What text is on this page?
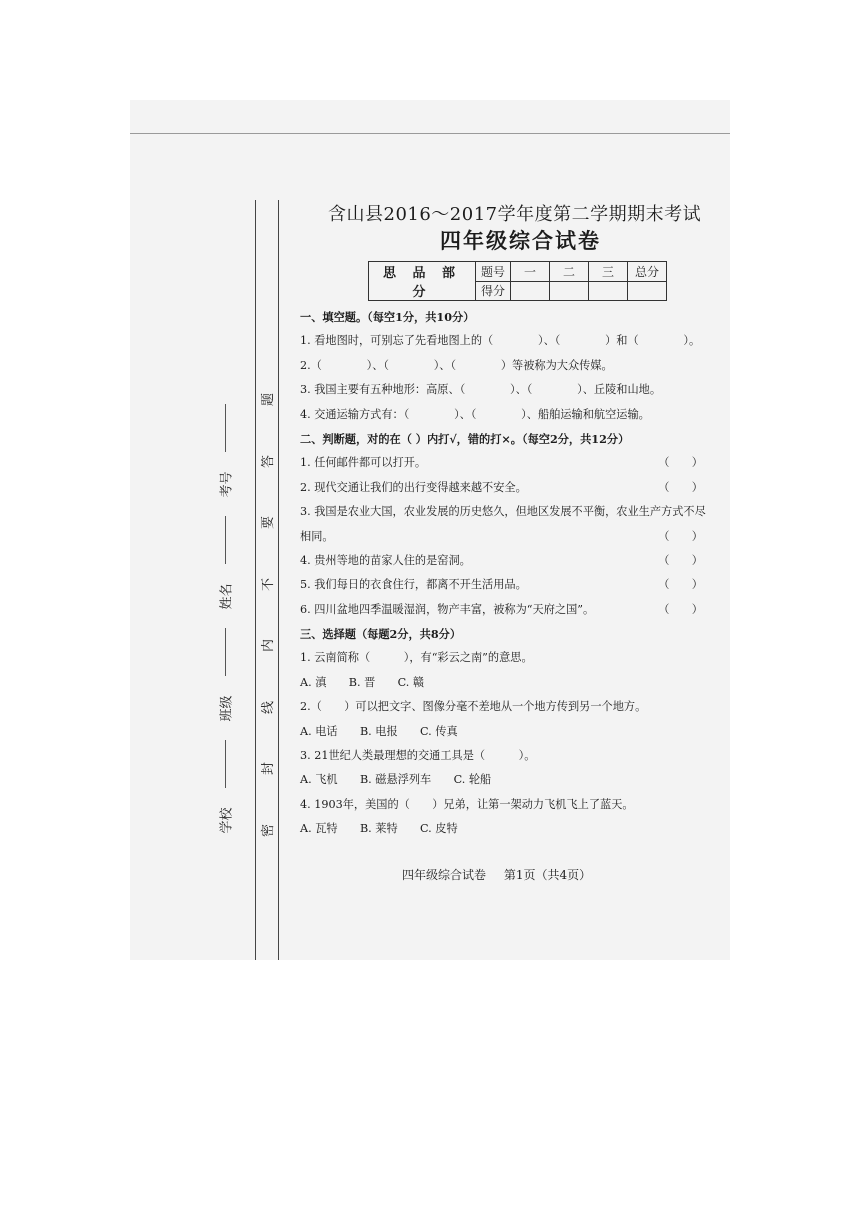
学校
班级
姓名
考号
密
封
线
内
不
要
答
题
含山县2016～2017学年度第二学期期末考试
四年级综合试卷
思 品 部 分	题号	一	二	三	总分
	得分				
一、填空题。（每空1分，共10分）
1. 看地图时，可别忘了先看地图上的（　　　　）、（　　　　）和（　　　　）。
2.（　　　　）、（　　　　）、（　　　　）等被称为大众传媒。
3. 我国主要有五种地形：高原、（　　　　）、（　　　　）、丘陵和山地。
4. 交通运输方式有：（　　　　）、（　　　　）、船舶运输和航空运输。
二、判断题，对的在（ ）内打√，错的打×。（每空2分，共12分）
1. 任何邮件都可以打开。	（　　）
2. 现代交通让我们的出行变得越来越不安全。	（　　）
3. 我国是农业大国，农业发展的历史悠久，但地区发展不平衡，农业生产方式不尽
相同。	（　　）
4. 贵州等地的苗家人住的是窑洞。	（　　）
5. 我们每日的衣食住行，都离不开生活用品。	（　　）
6. 四川盆地四季温暖湿润，物产丰富，被称为“天府之国”。	（　　）
三、选择题（每题2分，共8分）
1. 云南简称（　　　），有“彩云之南”的意思。
A. 滇　　B. 晋　　C. 赣
2.（　　）可以把文字、图像分毫不差地从一个地方传到另一个地方。
A. 电话　　B. 电报　　C. 传真
3. 21世纪人类最理想的交通工具是（　　　）。
A. 飞机　　B. 磁悬浮列车　　C. 轮船
4. 1903年，美国的（　　）兄弟，让第一架动力飞机飞上了蓝天。
A. 瓦特　　B. 莱特　　C. 皮特
四年级综合试卷 第1页（共4页）
